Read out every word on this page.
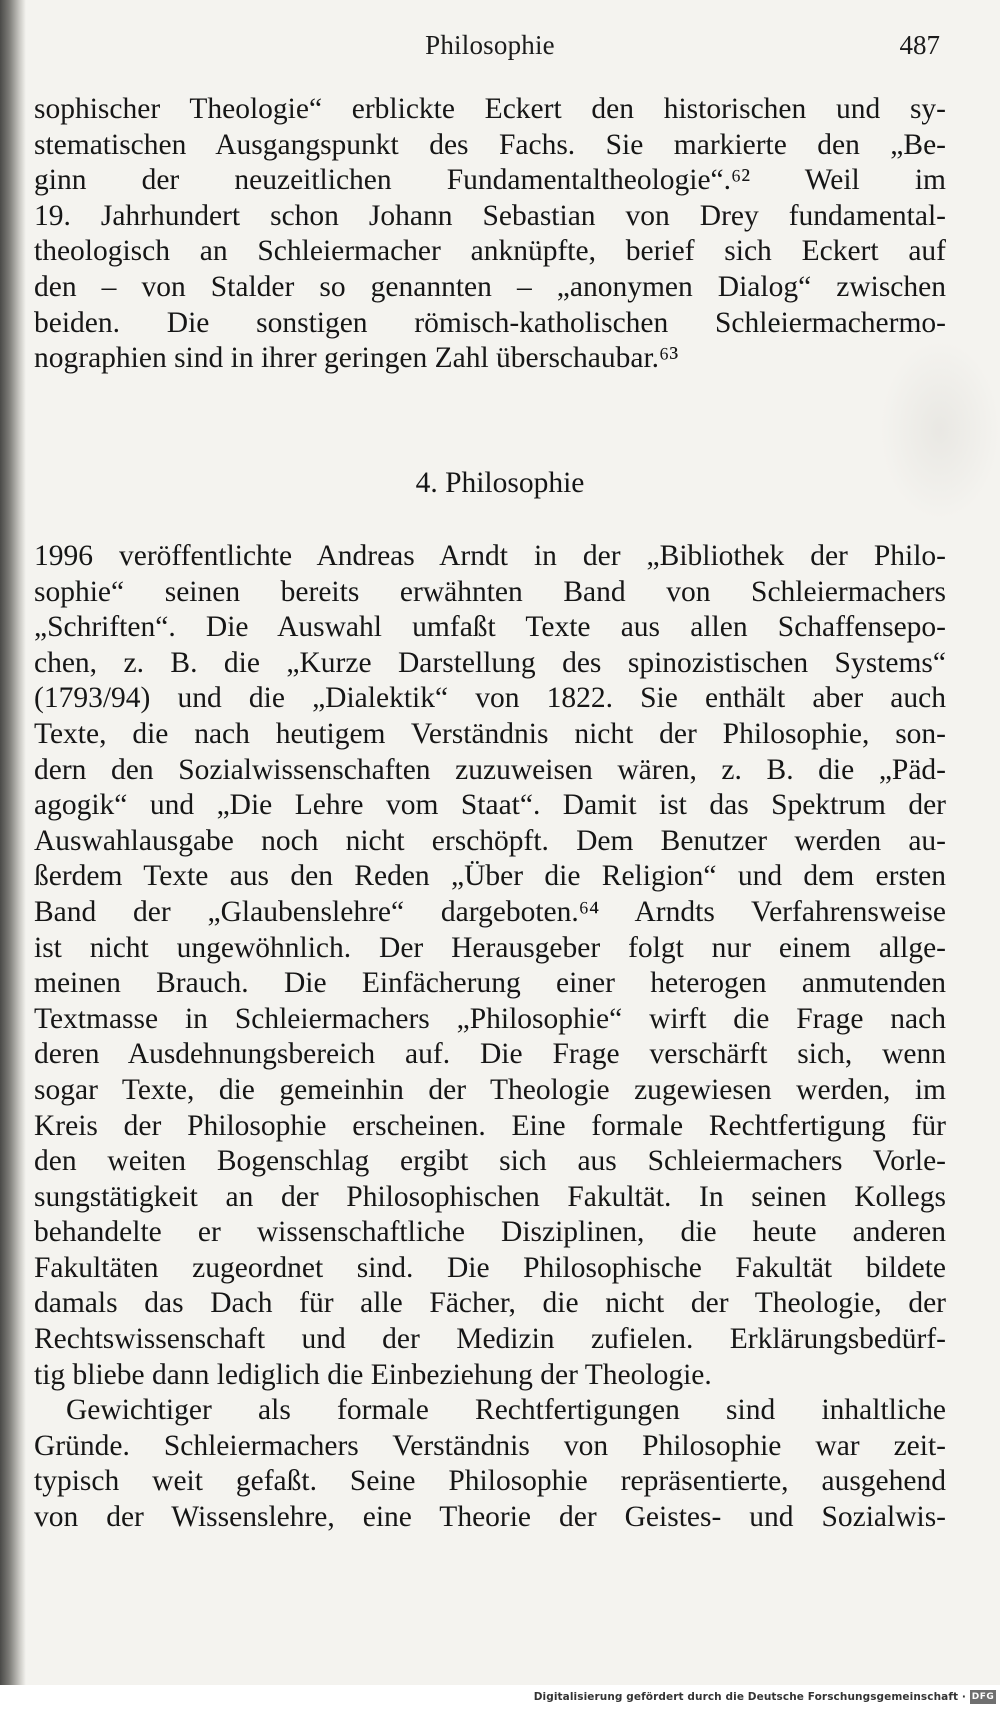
Philosophie	487
sophischer Theologie“ erblickte Eckert den historischen und sy-
stematischen Ausgangspunkt des Fachs. Sie markierte den „Be-
ginn der neuzeitlichen Fundamentaltheologie“.⁶² Weil im
19. Jahrhundert schon Johann Sebastian von Drey fundamental-
theologisch an Schleiermacher anknüpfte, berief sich Eckert auf
den – von Stalder so genannten – „anonymen Dialog“ zwischen
beiden. Die sonstigen römisch-katholischen Schleiermachermo-
nographien sind in ihrer geringen Zahl überschaubar.⁶³
4. Philosophie
1996 veröffentlichte Andreas Arndt in der „Bibliothek der Philo-
sophie“ seinen bereits erwähnten Band von Schleiermachers
„Schriften“. Die Auswahl umfaßt Texte aus allen Schaffensepo-
chen, z. B. die „Kurze Darstellung des spinozistischen Systems“
(1793/94) und die „Dialektik“ von 1822. Sie enthält aber auch
Texte, die nach heutigem Verständnis nicht der Philosophie, son-
dern den Sozialwissenschaften zuzuweisen wären, z. B. die „Päd-
agogik“ und „Die Lehre vom Staat“. Damit ist das Spektrum der
Auswahlausgabe noch nicht erschöpft. Dem Benutzer werden au-
ßerdem Texte aus den Reden „Über die Religion“ und dem ersten
Band der „Glaubenslehre“ dargeboten.⁶⁴ Arndts Verfahrensweise
ist nicht ungewöhnlich. Der Herausgeber folgt nur einem allge-
meinen Brauch. Die Einfächerung einer heterogen anmutenden
Textmasse in Schleiermachers „Philosophie“ wirft die Frage nach
deren Ausdehnungsbereich auf. Die Frage verschärft sich, wenn
sogar Texte, die gemeinhin der Theologie zugewiesen werden, im
Kreis der Philosophie erscheinen. Eine formale Rechtfertigung für
den weiten Bogenschlag ergibt sich aus Schleiermachers Vorle-
sungstätigkeit an der Philosophischen Fakultät. In seinen Kollegs
behandelte er wissenschaftliche Disziplinen, die heute anderen
Fakultäten zugeordnet sind. Die Philosophische Fakultät bildete
damals das Dach für alle Fächer, die nicht der Theologie, der
Rechtswissenschaft und der Medizin zufielen. Erklärungsbedürf-
tig bliebe dann lediglich die Einbeziehung der Theologie.
Gewichtiger als formale Rechtfertigungen sind inhaltliche
Gründe. Schleiermachers Verständnis von Philosophie war zeit-
typisch weit gefaßt. Seine Philosophie repräsentierte, ausgehend
von der Wissenslehre, eine Theorie der Geistes- und Sozialwis-
Digitalisierung gefördert durch die Deutsche Forschungsgemeinschaft · DFG
